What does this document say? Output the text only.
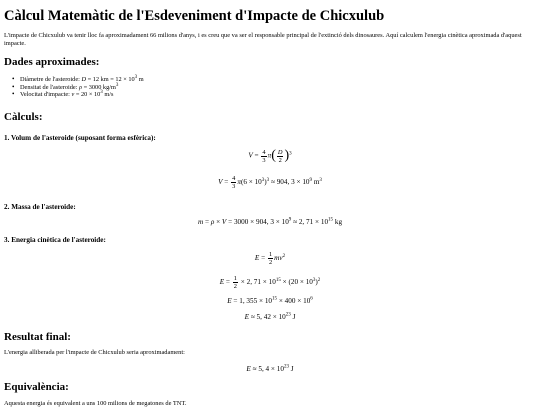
Càlcul Matemàtic de l'Esdeveniment d'Impacte de Chicxulub
L'impacte de Chicxulub va tenir lloc fa aproximadament 66 milions d'anys, i es creu que va ser el responsable principal de l'extinció dels dinosaures. Aquí calculem l'energia cinètica aproximada d'aquest impacte.
Dades aproximades:
• Diàmetre de l'asteroide: D = 12 km = $12 \times 10^3$ m
• Densitat de l'asteroide: ρ = 3000 $kg/m^3$
• Velocitat d'impacte: $v = 20 \times 10^3$ m/s
Càlculs:
1. Volum de l'asteroide (suposant forma esfèrica):
$V = \frac{4}{3} \pi( \frac{D}{2} )^3$
$V = \frac{4}{3} \pi(6 \times 10^3)^3 \approx 904$, $3 \times 10^9$ $m^3$
2. Massa de l'asteroide:
m = ρ × V = 3000 × 904, $3 \times 10^9 \approx 2$, $71 \times 10^{15}$ kg
3. Energia cinètica de l'asteroide:
$E = \frac{1}{2} mv^2$
$E = \frac{1}{2} \times 2$, $71 \times 10^{15} \times (20 \times 10^3)^2$
E = 1, $355 \times 10^{15} \times 400 \times 10^6$
E ≈ 5, $42 \times 10^{23}$ J
Resultat final:
L'energia alliberada per l'impacte de Chicxulub seria aproximadament:
E ≈ 5, $4 \times 10^{23}$ J
Equivalència:
Aquesta energia és equivalent a uns 100 milions de megatones de TNT.
